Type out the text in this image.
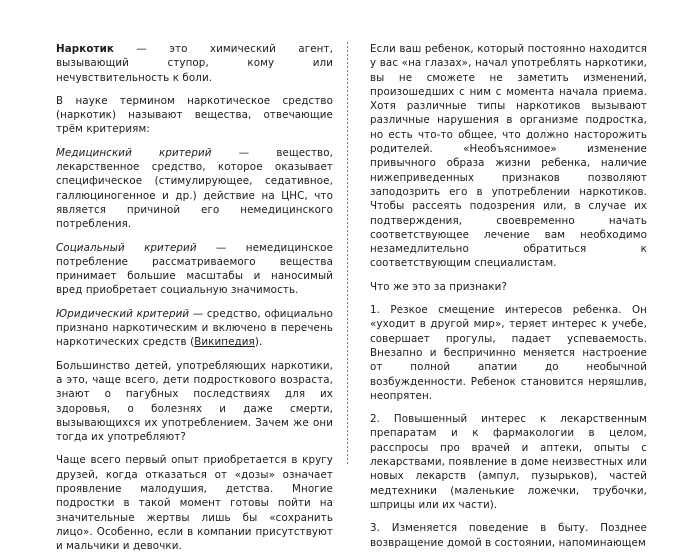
Наркотик — это химический агент, вызывающий ступор, кому или нечувствительность к боли.

В науке термином наркотическое средство (наркотик) называют вещества, отвечающие трём критериям:

Медицинский критерий — вещество, лекарственное средство, которое оказывает специфическое (стимулирующее, седативное, галлюциногенное и др.) действие на ЦНС, что является причиной его немедицинского потребления.

Социальный критерий — немедицинское потребление рассматриваемого вещества принимает большие масштабы и наносимый вред приобретает социальную значимость.

Юридический критерий — средство, официально признано наркотическим и включено в перечень наркотических средств (Википедия).

Большинство детей, употребляющих наркотики, а это, чаще всего, дети подросткового возраста, знают о пагубных последствиях для их здоровья, о болезнях и даже смерти, вызывающихся их употреблением. Зачем же они тогда их употребляют?

Чаще всего первый опыт приобретается в кругу друзей, когда отказаться от «дозы» означает проявление малодушия, детства. Многие подростки в такой момент готовы пойти на значительные жертвы лишь бы «сохранить лицо». Особенно, если в компании присутствуют и мальчики и девочки.

Если ваш ребенок, который постоянно находится у вас «на глазах», начал употреблять наркотики, вы не сможете не заметить изменений, произошедших с ним с момента начала приема. Хотя различные типы наркотиков вызывают различные нарушения в организме подростка, но есть что-то общее, что должно насторожить родителей. «Необъяснимое» изменение привычного образа жизни ребенка, наличие нижеприведенных признаков позволяют заподозрить его в употреблении наркотиков. Чтобы рассеять подозрения или, в случае их подтверждения, своевременно начать соответствующее лечение вам необходимо незамедлительно обратиться к соответствующим специалистам.

Что же это за признаки?

1. Резкое смещение интересов ребенка. Он «уходит в другой мир», теряет интерес к учебе, совершает прогулы, падает успеваемость. Внезапно и беспричинно меняется настроение от полной апатии до необычной возбужденности. Ребенок становится неряшлив, неопрятен.

2. Повышенный интерес к лекарственным препаратам и к фармакологии в целом, расспросы про врачей и аптеки, опыты с лекарствами, появление в доме неизвестных или новых лекарств (ампул, пузырьков), частей медтехники (маленькие ложечки, трубочки, шприцы или их части).

3. Изменяется поведение в быту. Позднее возвращение домой в состоянии, напоминающем
